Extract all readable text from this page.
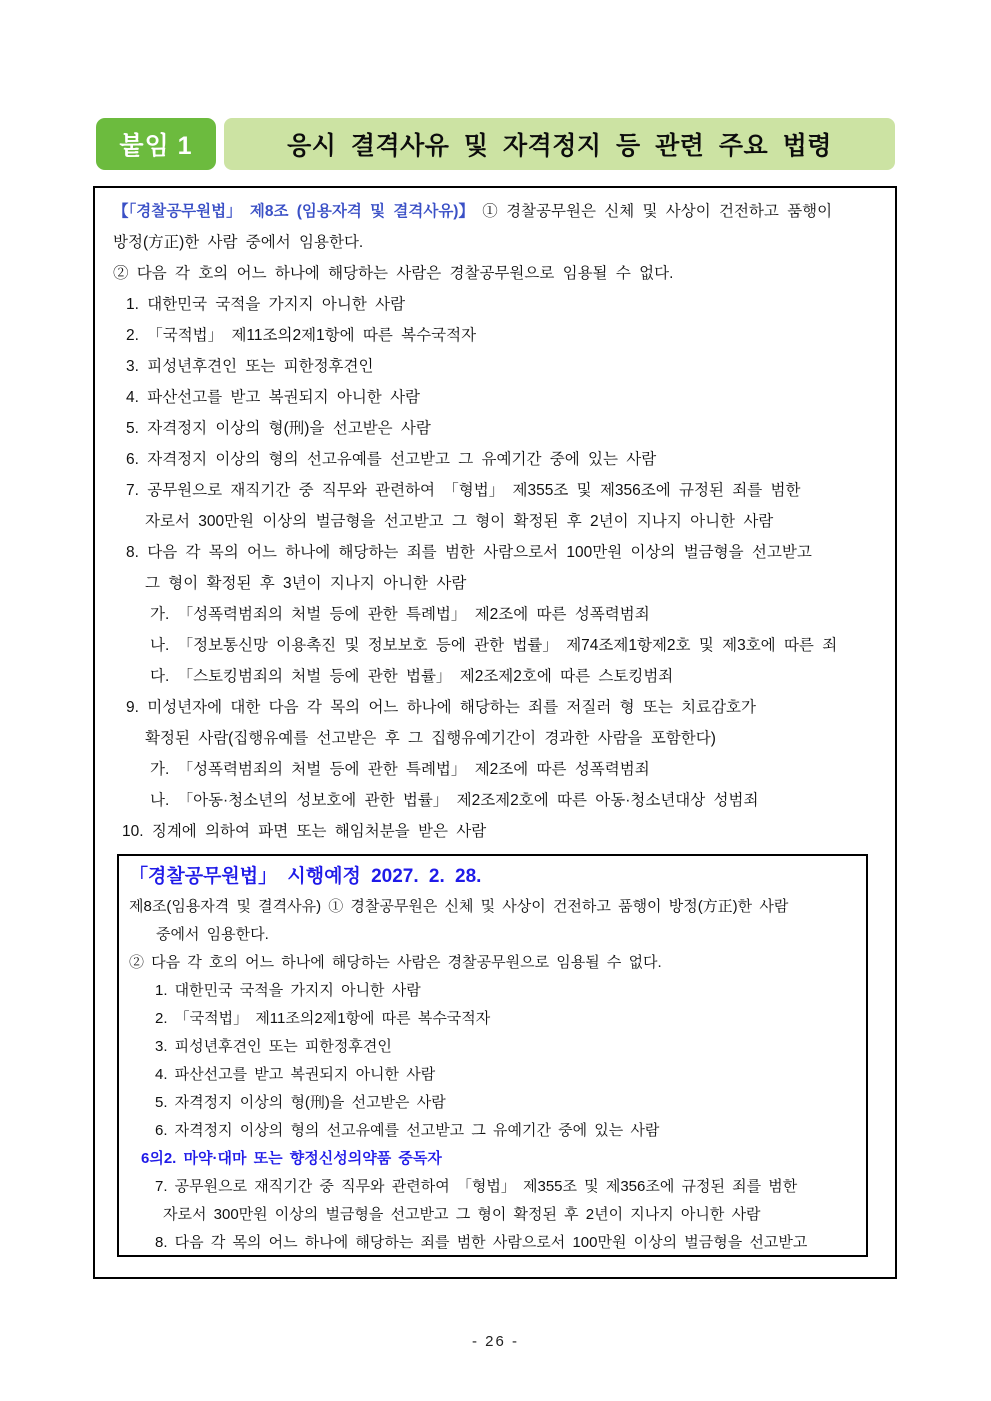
붙임 1	응시 결격사유 및 자격정지 등 관련 주요 법령
【「경찰공무원법」 제8조 (임용자격 및 결격사유)】 ① 경찰공무원은 신체 및 사상이 건전하고 품행이
방정(方正)한 사람 중에서 임용한다.
② 다음 각 호의 어느 하나에 해당하는 사람은 경찰공무원으로 임용될 수 없다.
1. 대한민국 국적을 가지지 아니한 사람
2. 「국적법」 제11조의2제1항에 따른 복수국적자
3. 피성년후견인 또는 피한정후견인
4. 파산선고를 받고 복권되지 아니한 사람
5. 자격정지 이상의 형(刑)을 선고받은 사람
6. 자격정지 이상의 형의 선고유예를 선고받고 그 유예기간 중에 있는 사람
7. 공무원으로 재직기간 중 직무와 관련하여 「형법」 제355조 및 제356조에 규정된 죄를 범한
자로서 300만원 이상의 벌금형을 선고받고 그 형이 확정된 후 2년이 지나지 아니한 사람
8. 다음 각 목의 어느 하나에 해당하는 죄를 범한 사람으로서 100만원 이상의 벌금형을 선고받고
그 형이 확정된 후 3년이 지나지 아니한 사람
가. 「성폭력범죄의 처벌 등에 관한 특례법」 제2조에 따른 성폭력범죄
나. 「정보통신망 이용촉진 및 정보보호 등에 관한 법률」 제74조제1항제2호 및 제3호에 따른 죄
다. 「스토킹범죄의 처벌 등에 관한 법률」 제2조제2호에 따른 스토킹범죄
9. 미성년자에 대한 다음 각 목의 어느 하나에 해당하는 죄를 저질러 형 또는 치료감호가
확정된 사람(집행유예를 선고받은 후 그 집행유예기간이 경과한 사람을 포함한다)
가. 「성폭력범죄의 처벌 등에 관한 특례법」 제2조에 따른 성폭력범죄
나. 「아동·청소년의 성보호에 관한 법률」 제2조제2호에 따른 아동·청소년대상 성범죄
10. 징계에 의하여 파면 또는 해임처분을 받은 사람
「경찰공무원법」 시행예정 2027. 2. 28.
제8조(임용자격 및 결격사유) ① 경찰공무원은 신체 및 사상이 건전하고 품행이 방정(方正)한 사람
중에서 임용한다.
② 다음 각 호의 어느 하나에 해당하는 사람은 경찰공무원으로 임용될 수 없다.
1. 대한민국 국적을 가지지 아니한 사람
2. 「국적법」 제11조의2제1항에 따른 복수국적자
3. 피성년후견인 또는 피한정후견인
4. 파산선고를 받고 복권되지 아니한 사람
5. 자격정지 이상의 형(刑)을 선고받은 사람
6. 자격정지 이상의 형의 선고유예를 선고받고 그 유예기간 중에 있는 사람
6의2. 마약·대마 또는 향정신성의약품 중독자
7. 공무원으로 재직기간 중 직무와 관련하여 「형법」 제355조 및 제356조에 규정된 죄를 범한
자로서 300만원 이상의 벌금형을 선고받고 그 형이 확정된 후 2년이 지나지 아니한 사람
8. 다음 각 목의 어느 하나에 해당하는 죄를 범한 사람으로서 100만원 이상의 벌금형을 선고받고
- 26 -
